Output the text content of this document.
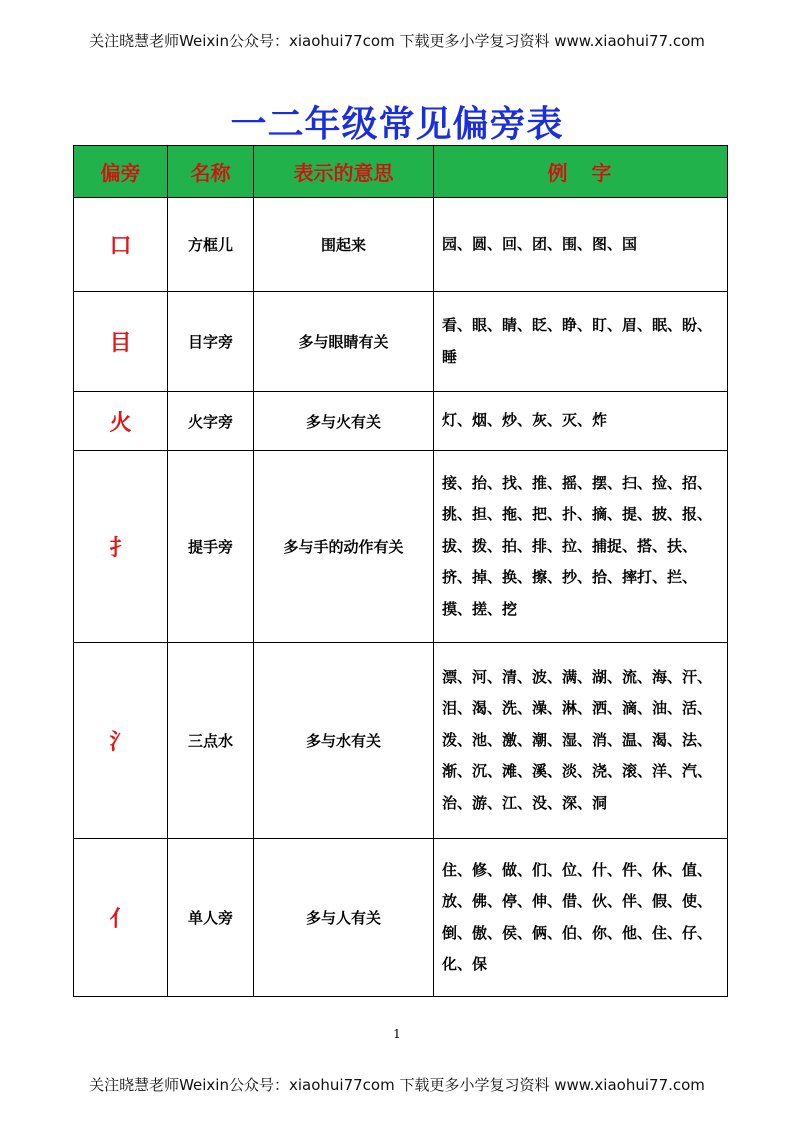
关注晓慧老师Weixin公众号：xiaohui77com 下载更多小学复习资料 www.xiaohui77.com
一二年级常见偏旁表
偏旁	名称	表示的意思	例　字
口	方框儿	围起来	园、圆、回、团、围、图、国
目	目字旁	多与眼睛有关	看、眼、睛、眨、睁、盯、眉、眠、盼、睡
火	火字旁	多与火有关	灯、烟、炒、灰、灭、炸
扌	提手旁	多与手的动作有关	接、抬、找、推、摇、摆、扫、捡、招、挑、担、拖、把、扑、摘、提、披、报、拔、拨、拍、排、拉、捕捉、搭、扶、挤、掉、换、擦、抄、拾、摔打、拦、摸、搓、挖
氵	三点水	多与水有关	漂、河、清、波、满、湖、流、海、汗、泪、渴、洗、澡、淋、洒、滴、油、活、泼、池、激、潮、湿、消、温、渴、法、渐、沉、滩、溪、淡、浇、滚、洋、汽、治、游、江、没、深、洞
亻	单人旁	多与人有关	住、修、做、们、位、什、件、休、值、放、佛、停、伸、借、伙、伴、假、使、倒、傲、侯、俩、伯、你、他、住、仔、化、保
1
关注晓慧老师Weixin公众号：xiaohui77com 下载更多小学复习资料 www.xiaohui77.com
